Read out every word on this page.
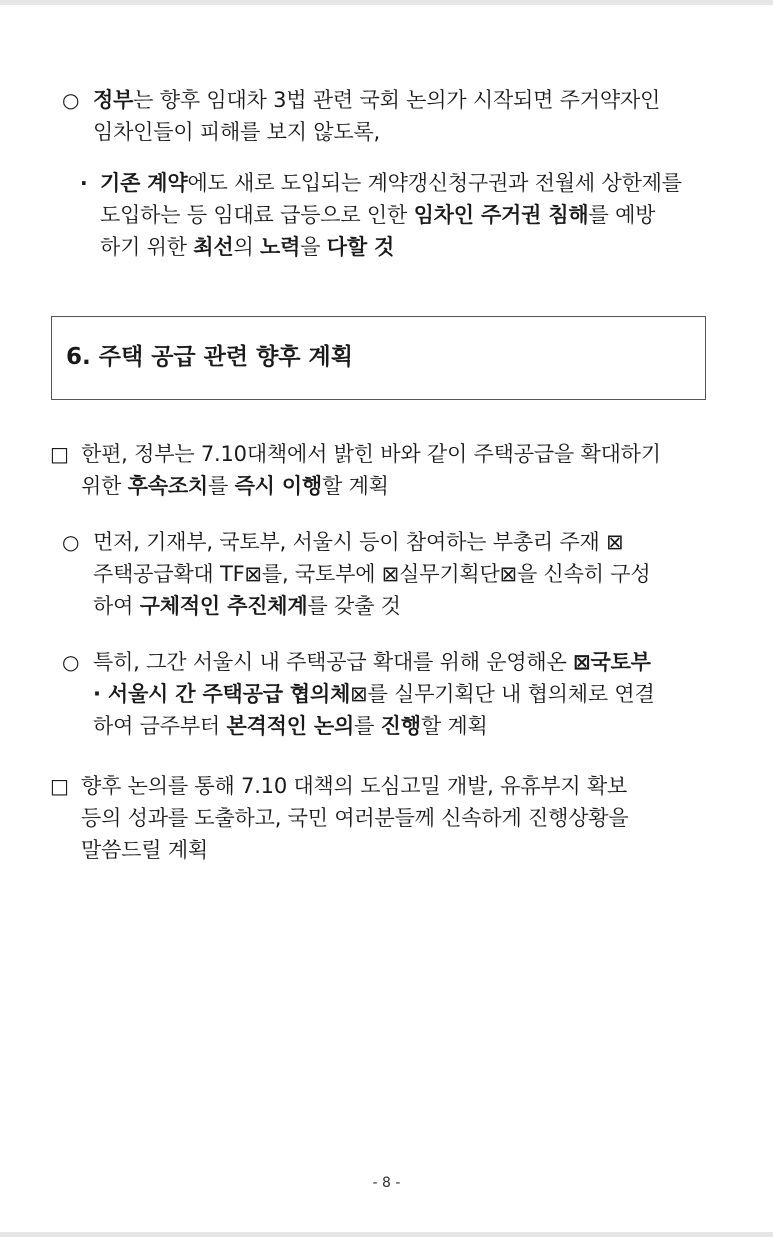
○ 정부는 향후 임대차 3법 관련 국회 논의가 시작되면 주거약자인
임차인들이 피해를 보지 않도록,
· 기존 계약에도 새로 도입되는 계약갱신청구권과 전월세 상한제를
도입하는 등 임대료 급등으로 인한 임차인 주거권 침해를 예방
하기 위한 최선의 노력을 다할 것
6. 주택 공급 관련 향후 계획
□ 한편, 정부는 7.10대책에서 밝힌 바와 같이 주택공급을 확대하기
위한 후속조치를 즉시 이행할 계획
○ 먼저, 기재부, 국토부, 서울시 등이 참여하는 부총리 주재 ⊠
주택공급확대 TF⊠를, 국토부에 ⊠실무기획단⊠을 신속히 구성
하여 구체적인 추진체계를 갖출 것
○ 특히, 그간 서울시 내 주택공급 확대를 위해 운영해온 ⊠국토부
· 서울시 간 주택공급 협의체⊠를 실무기획단 내 협의체로 연결
하여 금주부터 본격적인 논의를 진행할 계획
□ 향후 논의를 통해 7.10 대책의 도심고밀 개발, 유휴부지 확보
등의 성과를 도출하고, 국민 여러분들께 신속하게 진행상황을
말씀드릴 계획
- 8 -
